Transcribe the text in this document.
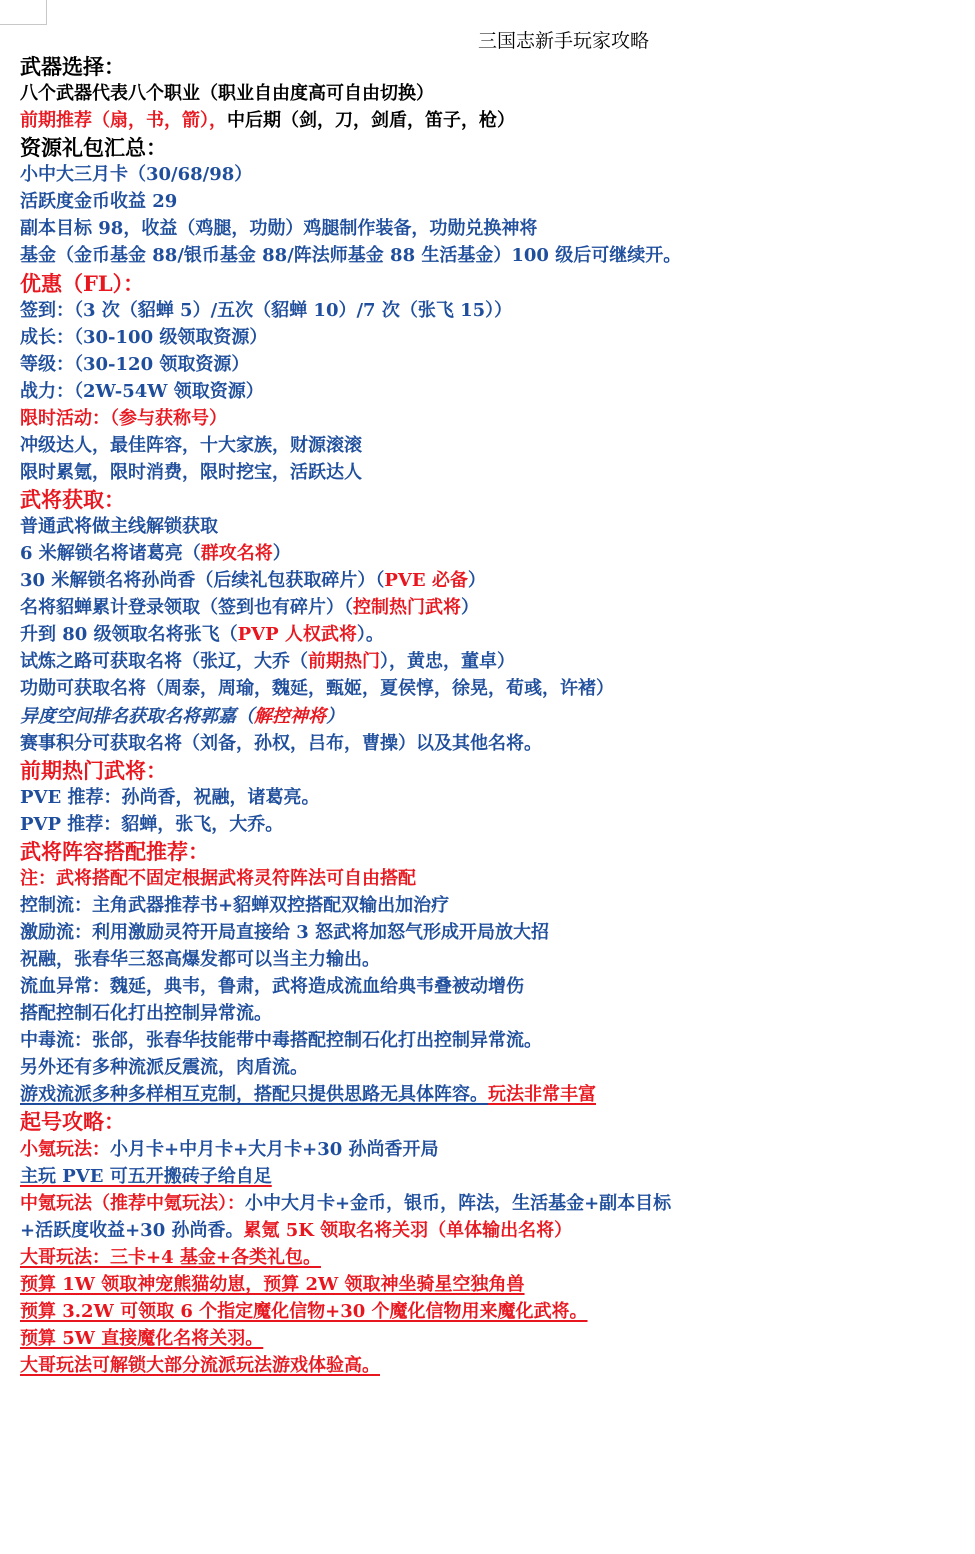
三国志新手玩家攻略
武器选择：
八个武器代表八个职业（职业自由度高可自由切换）
前期推荐（扇，书，箭），中后期（剑，刀，剑盾，笛子，枪）
资源礼包汇总：
小中大三月卡（30/68/98）
活跃度金币收益 29
副本目标 98，收益（鸡腿，功勋）鸡腿制作装备，功勋兑换神将
基金（金币基金 88/银币基金 88/阵法师基金 88 生活基金）100 级后可继续开。
优惠（FL）：
签到：（3 次（貂蝉 5）/五次（貂蝉 10）/7 次（张飞 15））
成长：（30-100 级领取资源）
等级：（30-120 领取资源）
战力：（2W-54W 领取资源）
限时活动：（参与获称号）
冲级达人，最佳阵容，十大家族，财源滚滚
限时累氪，限时消费，限时挖宝，活跃达人
武将获取：
普通武将做主线解锁获取
6 米解锁名将诸葛亮（群攻名将）
30 米解锁名将孙尚香（后续礼包获取碎片）（PVE 必备）
名将貂蝉累计登录领取（签到也有碎片）（控制热门武将）
升到 80 级领取名将张飞（PVP 人权武将）。
试炼之路可获取名将（张辽，大乔（前期热门），黄忠，董卓）
功勋可获取名将（周泰，周瑜，魏延，甄姬，夏侯惇，徐晃，荀彧，许褚）
异度空间排名获取名将郭嘉（解控神将）
赛事积分可获取名将（刘备，孙权，吕布，曹操）以及其他名将。
前期热门武将：
PVE 推荐：孙尚香，祝融，诸葛亮。
PVP 推荐：貂蝉，张飞，大乔。
武将阵容搭配推荐：
注：武将搭配不固定根据武将灵符阵法可自由搭配
控制流：主角武器推荐书+貂蝉双控搭配双输出加治疗
激励流：利用激励灵符开局直接给 3 怒武将加怒气形成开局放大招
祝融，张春华三怒高爆发都可以当主力输出。
流血异常：魏延，典韦，鲁肃，武将造成流血给典韦叠被动增伤
搭配控制石化打出控制异常流。
中毒流：张郃，张春华技能带中毒搭配控制石化打出控制异常流。
另外还有多种流派反震流，肉盾流。
游戏流派多种多样相互克制，搭配只提供思路无具体阵容。玩法非常丰富
起号攻略：
小氪玩法：小月卡+中月卡+大月卡+30 孙尚香开局
主玩 PVE 可五开搬砖子给自足
中氪玩法（推荐中氪玩法）：小中大月卡+金币，银币，阵法，生活基金+副本目标
+活跃度收益+30 孙尚香。累氪 5K 领取名将关羽（单体输出名将）
大哥玩法：三卡+4 基金+各类礼包。
预算 1W 领取神宠熊猫幼崽，预算 2W 领取神坐骑星空独角兽
预算 3.2W 可领取 6 个指定魔化信物+30 个魔化信物用来魔化武将。
预算 5W 直接魔化名将关羽。
大哥玩法可解锁大部分流派玩法游戏体验高。
